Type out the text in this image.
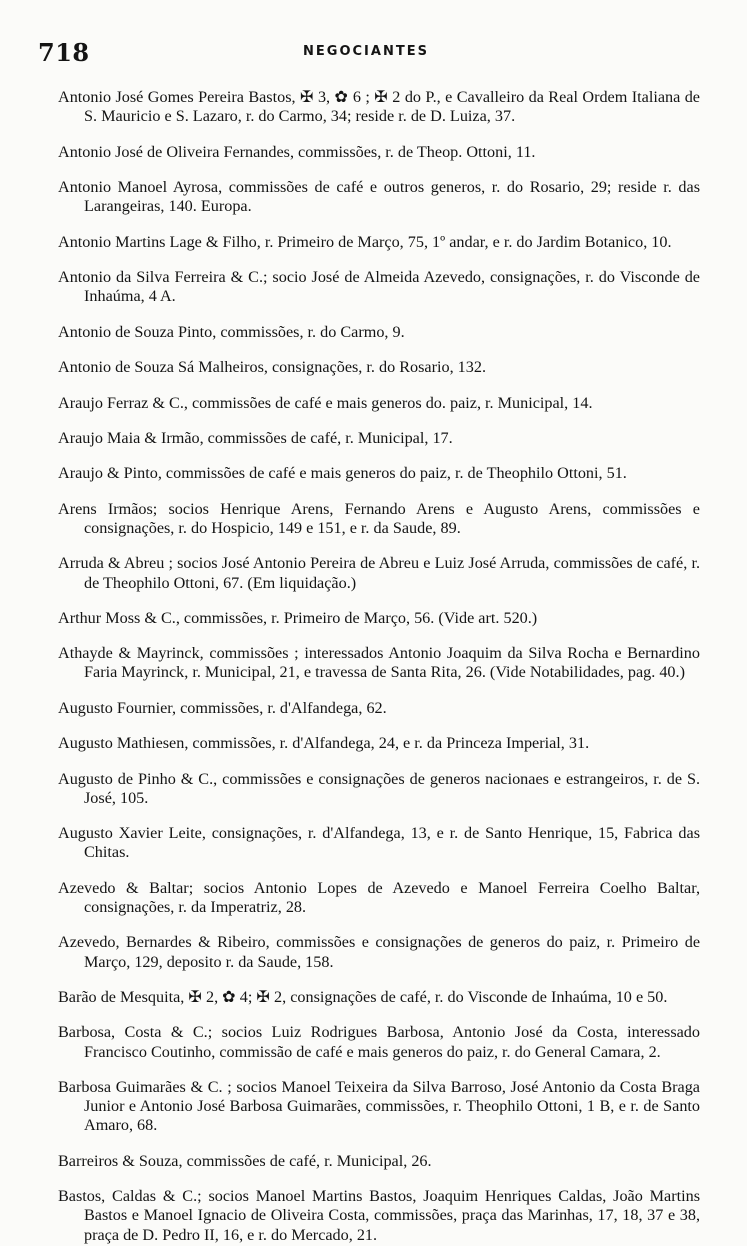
718	NEGOCIANTES

Antonio José Gomes Pereira Bastos, ✠ 3, ✿ 6 ; ✠ 2 do P., e Cavalleiro da Real Ordem Italiana de S. Mauricio e S. Lazaro, r. do Carmo, 34; reside r. de D. Luiza, 37.

Antonio José de Oliveira Fernandes, commissões, r. de Theop. Ottoni, 11.

Antonio Manoel Ayrosa, commissões de café e outros generos, r. do Rosario, 29; reside r. das Larangeiras, 140. Europa.

Antonio Martins Lage & Filho, r. Primeiro de Março, 75, 1º andar, e r. do Jardim Botanico, 10.

Antonio da Silva Ferreira & C.; socio José de Almeida Azevedo, consignações, r. do Visconde de Inhaúma, 4 A.

Antonio de Souza Pinto, commissões, r. do Carmo, 9.

Antonio de Souza Sá Malheiros, consignações, r. do Rosario, 132.

Araujo Ferraz & C., commissões de café e mais generos do. paiz, r. Municipal, 14.

Araujo Maia & Irmão, commissões de café, r. Municipal, 17.

Araujo & Pinto, commissões de café e mais generos do paiz, r. de Theophilo Ottoni, 51.

Arens Irmãos; socios Henrique Arens, Fernando Arens e Augusto Arens, commissões e consignações, r. do Hospicio, 149 e 151, e r. da Saude, 89.

Arruda & Abreu ; socios José Antonio Pereira de Abreu e Luiz José Arruda, commissões de café, r. de Theophilo Ottoni, 67. (Em liquidação.)

Arthur Moss & C., commissões, r. Primeiro de Março, 56. (Vide art. 520.)

Athayde & Mayrinck, commissões ; interessados Antonio Joaquim da Silva Rocha e Bernardino Faria Mayrinck, r. Municipal, 21, e travessa de Santa Rita, 26. (Vide Notabilidades, pag. 40.)

Augusto Fournier, commissões, r. d'Alfandega, 62.

Augusto Mathiesen, commissões, r. d'Alfandega, 24, e r. da Princeza Imperial, 31.

Augusto de Pinho & C., commissões e consignações de generos nacionaes e estrangeiros, r. de S. José, 105.

Augusto Xavier Leite, consignações, r. d'Alfandega, 13, e r. de Santo Henrique, 15, Fabrica das Chitas.

Azevedo & Baltar; socios Antonio Lopes de Azevedo e Manoel Ferreira Coelho Baltar, consignações, r. da Imperatriz, 28.

Azevedo, Bernardes & Ribeiro, commissões e consignações de generos do paiz, r. Primeiro de Março, 129, deposito r. da Saude, 158.

Barão de Mesquita, ✠ 2, ✿ 4; ✠ 2, consignações de café, r. do Visconde de Inhaúma, 10 e 50.

Barbosa, Costa & C.; socios Luiz Rodrigues Barbosa, Antonio José da Costa, interessado Francisco Coutinho, commissão de café e mais generos do paiz, r. do General Camara, 2.

Barbosa Guimarães & C. ; socios Manoel Teixeira da Silva Barroso, José Antonio da Costa Braga Junior e Antonio José Barbosa Guimarães, commissões, r. Theophilo Ottoni, 1 B, e r. de Santo Amaro, 68.

Barreiros & Souza, commissões de café, r. Municipal, 26.

Bastos, Caldas & C.; socios Manoel Martins Bastos, Joaquim Henriques Caldas, João Martins Bastos e Manoel Ignacio de Oliveira Costa, commissões, praça das Marinhas, 17, 18, 37 e 38, praça de D. Pedro II, 16, e r. do Mercado, 21.
